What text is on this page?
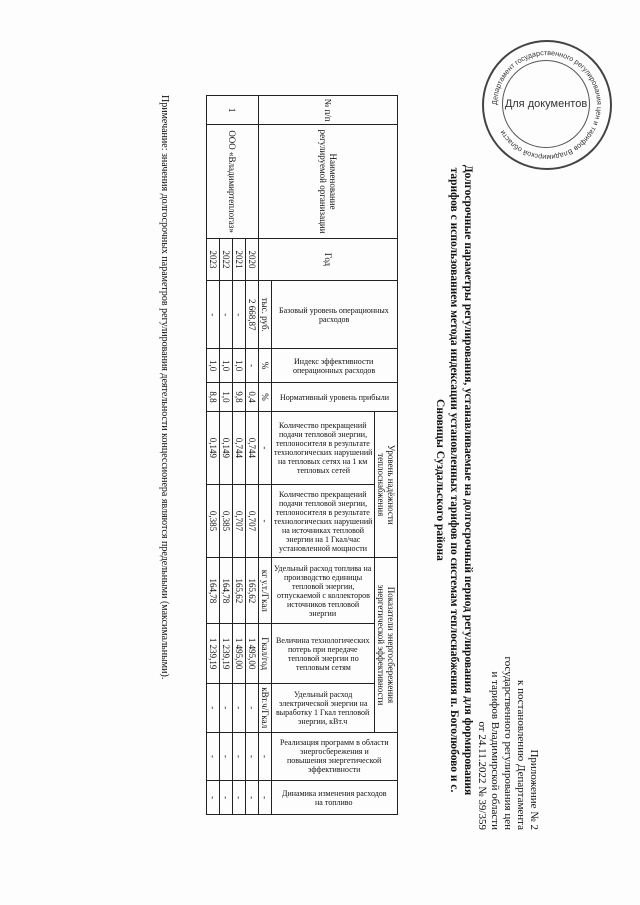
Приложение № 2
к постановлению Департамента
государственного регулирования цен
и тарифов Владимирской области
от 24.11.2022 № 39/359
Долгосрочные параметры регулирования, устанавливаемые на долгосрочный период регулирования для формирования тарифов с использованием метода индексации установленных тарифов по системам теплоснабжения п. Боголюбово и с. Сновицы Суздальского района
№ п/п	Наименование регулируемой организации	Год	Базовый уровень операционных расходов	Индекс эффективности операционных расходов	Нормативный уровень прибыли	Уровень надёжности теплоснабжения		Показатели энергосбережения энергетической эффективности			Реализация программ в области энергосбережения и повышения энергетической эффективности	Динамика изменения расходов на топливо

						Количество прекращений подачи тепловой энергии, теплоносителя в результате технологических нарушений на тепловых сетях на 1 км тепловых сетей	Количество прекращений подачи тепловой энергии, теплоносителя в результате технологических нарушений на источниках тепловой энергии на 1 Гкал/час установленной мощности	Удельный расход топлива на производство единицы тепловой энергии, отпускаемой с коллекторов источников тепловой энергии	Величина технологических потерь при передаче тепловой энергии по тепловым сетям	Удельный расход электрической энергии на выработку 1 Гкал тепловой энергии, кВт.ч		

			тыс. руб.	%	%	-	-	кг у.т./Гкал	Гкал/год	кВт.ч/Гкал	-	-
1	ООО «Владимиртеплогаз»	2020	2 668,87	-	0,4	0,744	0,707	165,62	1 495,00	-	-	-
		2021	-	1,0	9,8	0,744	0,707	165,62	1 495,00	-	-	-
		2022	-	1,0	1,0	0,149	0,385	164,78	1 239,19	-	-	-
		2023	-	1,0	8,8	0,149	0,385	164,78	1 239,19	-	-	-
Примечание: значения долгосрочных параметров регулирования деятельности концессионера являются предельными (максимальными).	Департамент государственного регулирования цен и тарифов Владимирской области
Для документов
